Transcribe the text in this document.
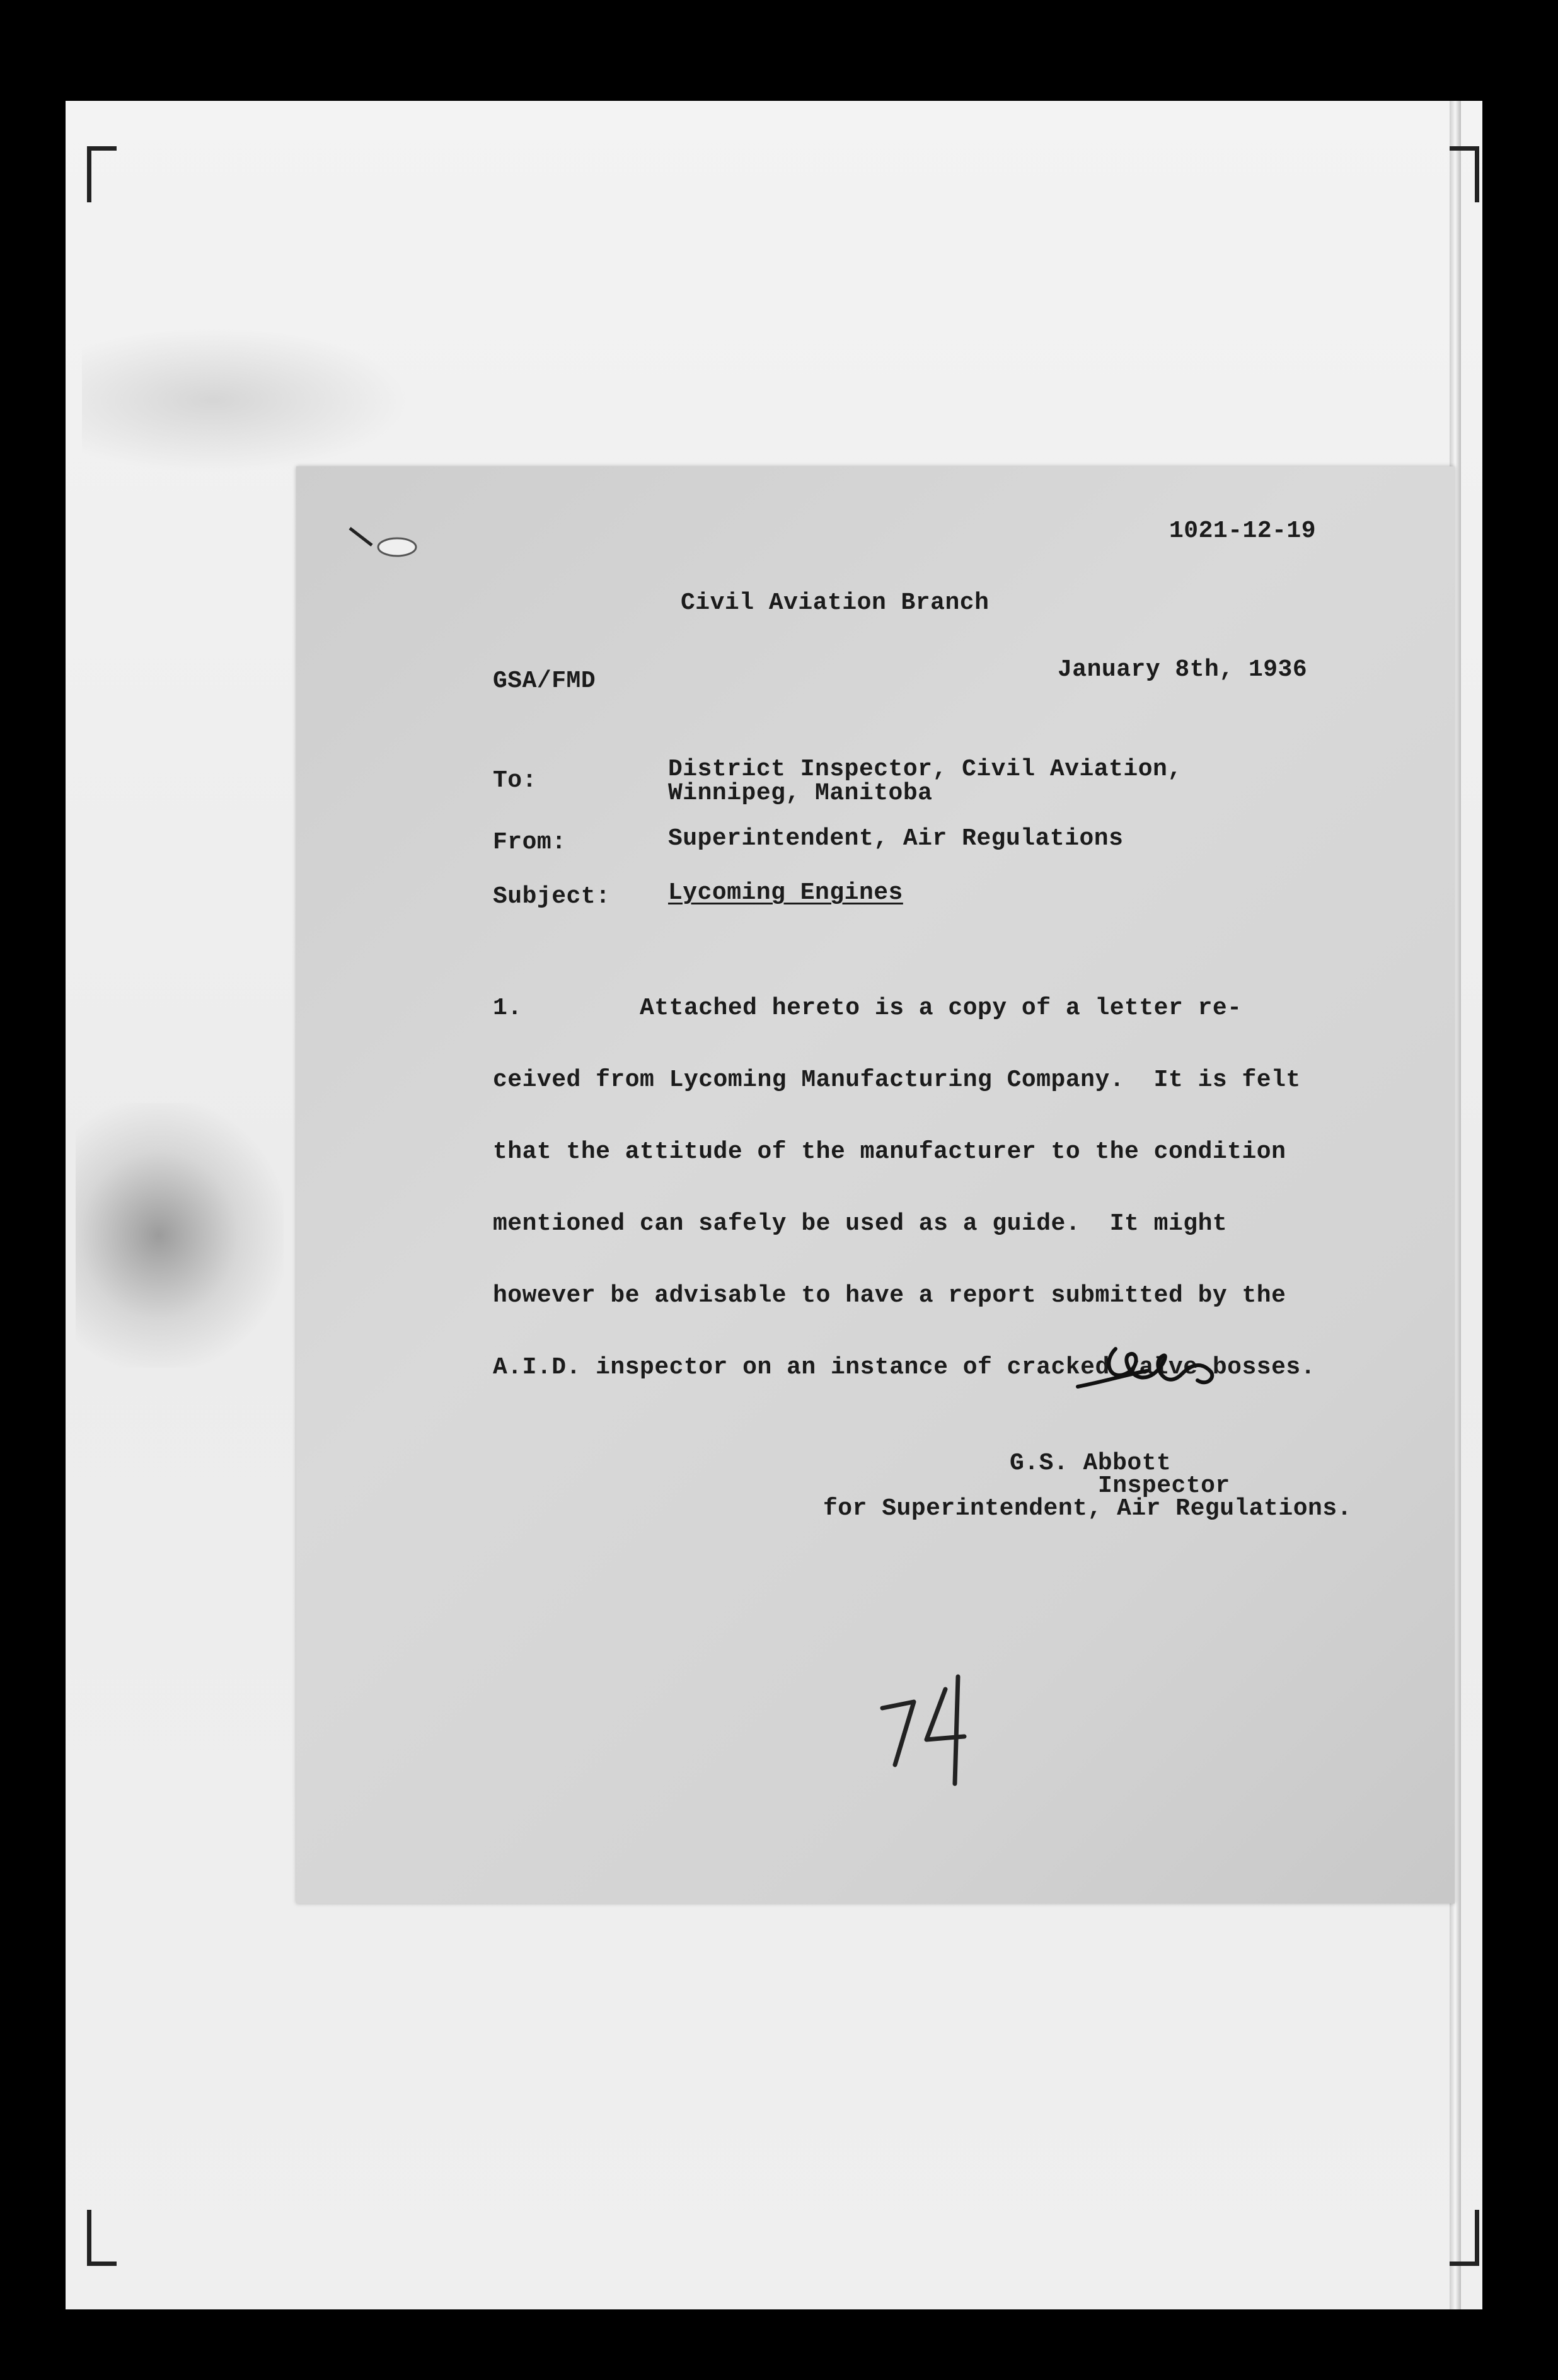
1021-12-19
Civil Aviation Branch
GSA/FMD	January 8th, 1936
To:	District Inspector, Civil Aviation,
Winnipeg, Manitoba
From:	Superintendent, Air Regulations
Subject: Lycoming Engines

1.        Attached hereto is a copy of a letter re-

ceived from Lycoming Manufacturing Company.  It is felt

that the attitude of the manufacturer to the condition

mentioned can safely be used as a guide.  It might

however be advisable to have a report submitted by the

A.I.D. inspector on an instance of cracked valve bosses.

G.S. Abbott
Inspector
for Superintendent, Air Regulations.
